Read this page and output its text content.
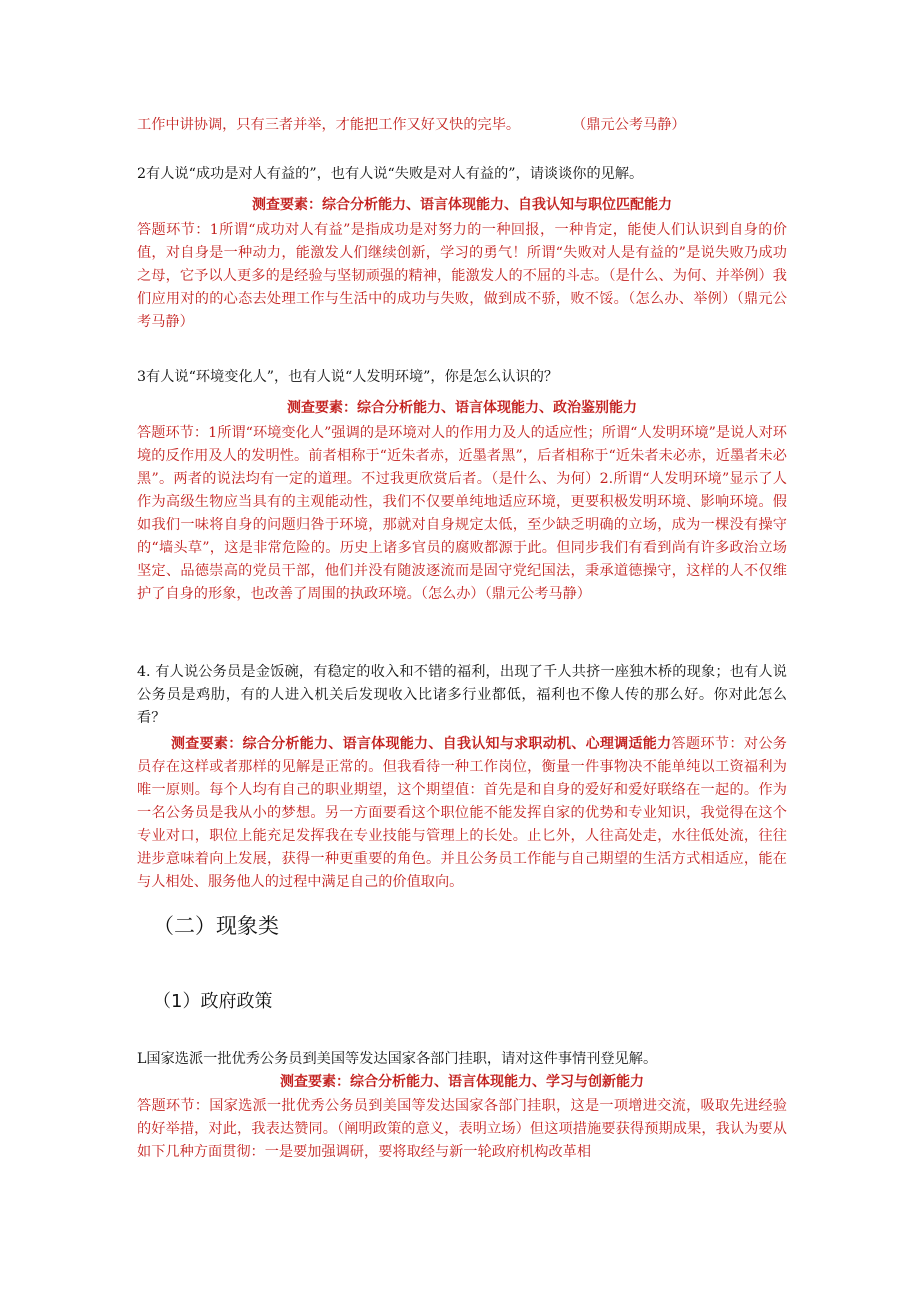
工作中讲协调，只有三者并举，才能把工作又好又快的完毕。	（鼎元公考马静）

2有人说“成功是对人有益的”，也有人说“失败是对人有益的”，请谈谈你的见解。

测查要素：综合分析能力、语言体现能力、自我认知与职位匹配能力

答题环节：1所谓“成功对人有益”是指成功是对努力的一种回报，一种肯定，能使人们认识到自身的价值，对自身是一种动力，能激发人们继续创新，学习的勇气！所谓“失败对人是有益的”是说失败乃成功之母，它予以人更多的是经验与坚韧顽强的精神，能激发人的不屈的斗志。（是什么、为何、并举例）我们应用对的的心态去处理工作与生活中的成功与失败，做到成不骄，败不馁。（怎么办、举例）（鼎元公考马静）

3有人说“环境变化人”，也有人说“人发明环境”，你是怎么认识的？

测查要素：综合分析能力、语言体现能力、政治鉴别能力

答题环节：1所谓“环境变化人”强调的是环境对人的作用力及人的适应性；所谓“人发明环境”是说人对环境的反作用及人的发明性。前者相称于“近朱者赤，近墨者黑”，后者相称于“近朱者未必赤，近墨者未必黑”。两者的说法均有一定的道理。不过我更欣赏后者。（是什么、为何）2.所谓“人发明环境”显示了人作为高级生物应当具有的主观能动性，我们不仅要单纯地适应环境，更要积极发明环境、影响环境。假如我们一味将自身的问题归咎于环境，那就对自身规定太低，至少缺乏明确的立场，成为一棵没有操守的“墙头草”，这是非常危险的。历史上诸多官员的腐败都源于此。但同步我们有看到尚有许多政治立场坚定、品德崇高的党员干部，他们并没有随波逐流而是固守党纪国法，秉承道德操守，这样的人不仅维护了自身的形象，也改善了周围的执政环境。（怎么办）（鼎元公考马静）

4. 有人说公务员是金饭碗，有稳定的收入和不错的福利，出现了千人共挤一座独木桥的现象；也有人说公务员是鸡肋，有的人进入机关后发现收入比诸多行业都低，福利也不像人传的那么好。你对此怎么看？

测查要素：综合分析能力、语言体现能力、自我认知与求职动机、心理调适能力答题环节：对公务员存在这样或者那样的见解是正常的。但我看待一种工作岗位，衡量一件事物决不能单纯以工资福利为唯一原则。每个人均有自己的职业期望，这个期望值：首先是和自身的爱好和爱好联络在一起的。作为一名公务员是我从小的梦想。另一方面要看这个职位能不能发挥自家的优势和专业知识，我觉得在这个专业对口，职位上能充足发挥我在专业技能与管理上的长处。止匕外，人往高处走，水往低处流，往往进步意味着向上发展，获得一种更重要的角色。并且公务员工作能与自己期望的生活方式相适应，能在与人相处、服务他人的过程中满足自己的价值取向。

（二）现象类

（1）政府政策

L国家选派一批优秀公务员到美国等发达国家各部门挂职，请对这件事情刊登见解。

测查要素：综合分析能力、语言体现能力、学习与创新能力

答题环节：国家选派一批优秀公务员到美国等发达国家各部门挂职，这是一项增进交流，吸取先进经验的好举措，对此，我表达赞同。（阐明政策的意义，表明立场）但这项措施要获得预期成果，我认为要从如下几种方面贯彻：一是要加强调研，要将取经与新一轮政府机构改革相
